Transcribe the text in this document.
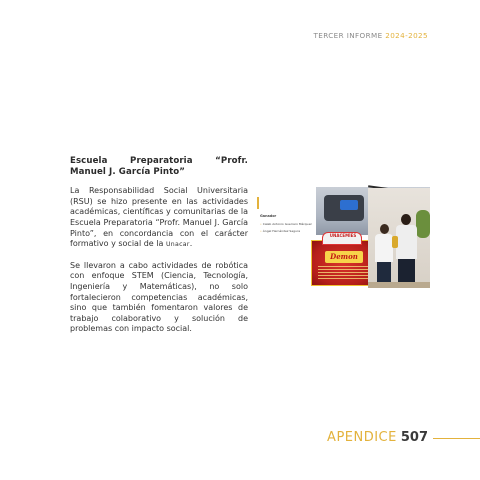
TERCER INFORME 2024-2025

Escuela Preparatoria “Profr. Manuel J. García Pinto”

La Responsabilidad Social Universitaria (RSU) se hizo presente en las actividades académicas, científicas y comunitarias de la Escuela Preparatoria “Profr. Manuel J. García Pinto”, en concordancia con el carácter formativo y social de la Unacar.

Se llevaron a cabo actividades de robótica con enfoque STEM (Ciencia, Tecnología, Ingeniería y Matemáticas), no solo fortalecieron competencias académicas, sino que también fomentaron valores de trabajo colaborativo y solución de problemas con impacto social.

Ganador
• Caleb Antonio Guerrero Márquez
• Ángel Hernández Segura
UNACEMÍES
Demon
APENDICE 507
